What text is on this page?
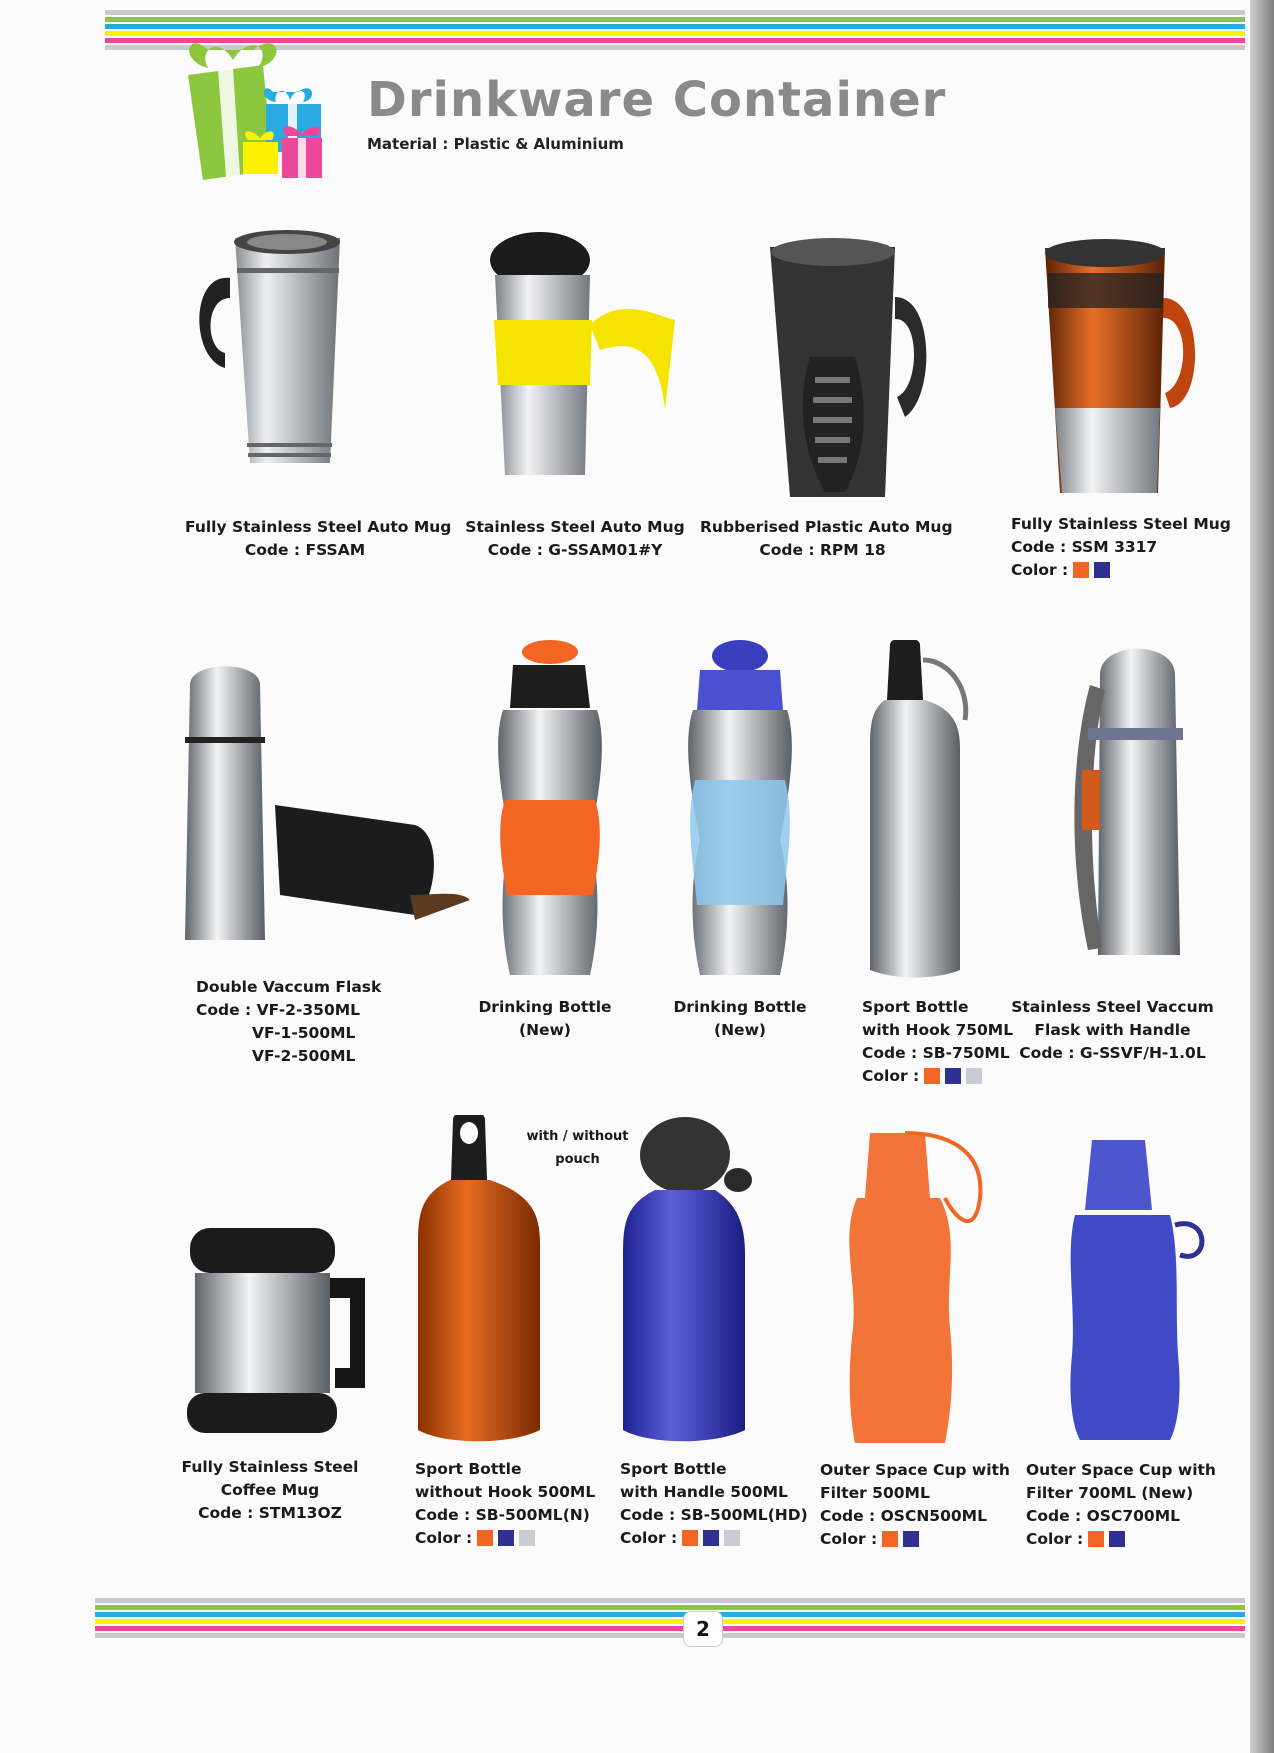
Drinkware Container
Material : Plastic & Aluminium
Fully Stainless Steel Auto Mug
Code : FSSAM
Stainless Steel Auto Mug
Code : G-SSAM01#Y
Rubberised Plastic Auto Mug
Code : RPM 18
Fully Stainless Steel Mug
Code : SSM 3317
Color :
Double Vaccum Flask
Code : VF-2-350ML
VF-1-500ML
VF-2-500ML
Drinking Bottle
(New)
Drinking Bottle
(New)
Sport Bottle
with Hook 750ML
Code : SB-750ML
Color :
Stainless Steel Vaccum
Flask with Handle
Code : G-SSVF/H-1.0L
with / without
pouch
Fully Stainless Steel
Coffee Mug
Code : STM13OZ
Sport Bottle
without Hook 500ML
Code : SB-500ML(N)
Color :
Sport Bottle
with Handle 500ML
Code : SB-500ML(HD)
Color :
Outer Space Cup with
Filter 500ML
Code : OSCN500ML
Color :
Outer Space Cup with
Filter 700ML (New)
Code : OSC700ML
Color :
2
